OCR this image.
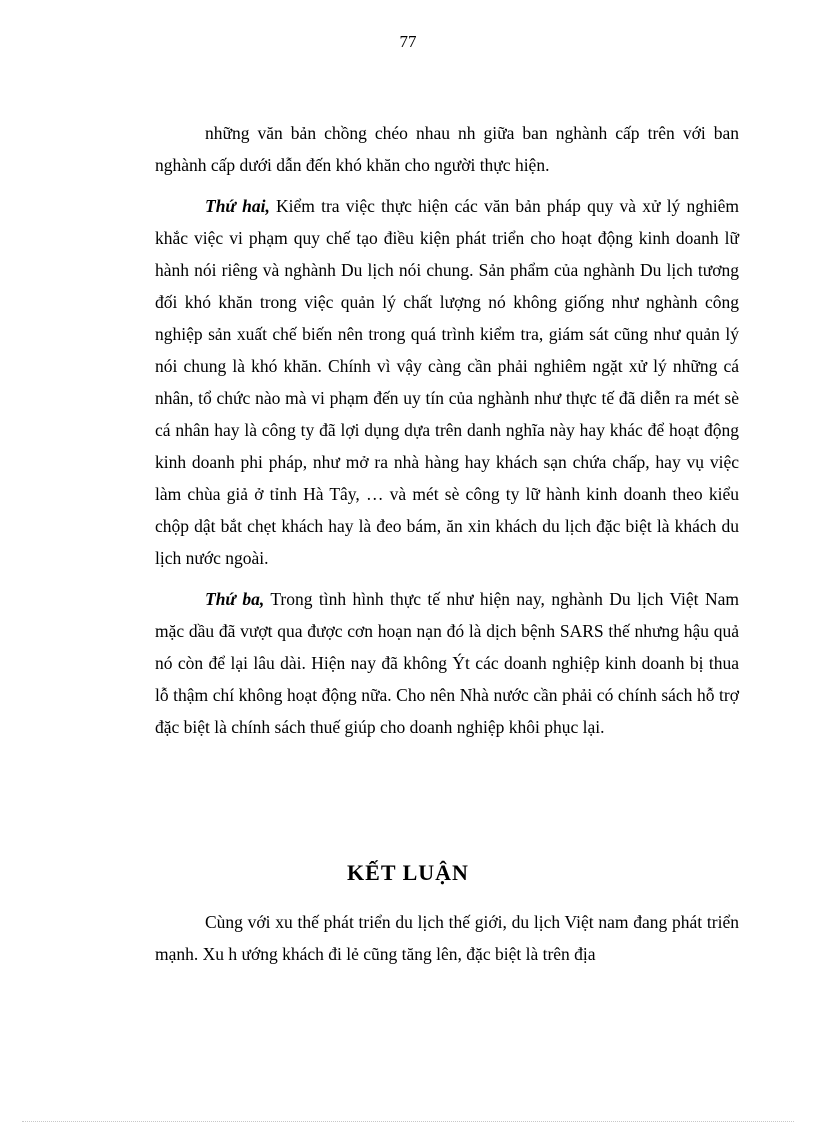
77

những văn bản chồng chéo nhau nh giữa ban nghành cấp trên với ban nghành cấp dưới dẫn đến khó khăn cho người thực hiện.

Thứ hai, Kiểm tra việc thực hiện các văn bản pháp quy và xử lý nghiêm khắc việc vi phạm quy chế tạo điều kiện phát triển cho hoạt động kinh doanh lữ hành nói riêng và nghành Du lịch nói chung. Sản phẩm của nghành Du lịch tương đối khó khăn trong việc quản lý chất lượng nó không giống như nghành công nghiệp sản xuất chế biến nên trong quá trình kiểm tra, giám sát cũng như quản lý nói chung là khó khăn. Chính vì vậy càng cần phải nghiêm ngặt xử lý những cá nhân, tổ chức nào mà vi phạm đến uy tín của nghành như thực tế đã diễn ra mét sè cá nhân hay là công ty đã lợi dụng dựa trên danh nghĩa này hay khác để hoạt động kinh doanh phi pháp, như mở ra nhà hàng hay khách sạn chứa chấp, hay vụ việc làm chùa giả ở tỉnh Hà Tây, … và mét sè công ty lữ hành kinh doanh theo kiểu chộp dật bắt chẹt khách hay là đeo bám, ăn xin khách du lịch đặc biệt là khách du lịch nước ngoài.

Thứ ba, Trong tình hình thực tế như hiện nay, nghành Du lịch Việt Nam mặc dầu đã vượt qua được cơn hoạn nạn đó là dịch bệnh SARS thế nhưng hậu quả nó còn để lại lâu dài. Hiện nay đã không Ýt các doanh nghiệp kinh doanh bị thua lỗ thậm chí không hoạt động nữa. Cho nên Nhà nước cần phải có chính sách hỗ trợ đặc biệt là chính sách thuế giúp cho doanh nghiệp khôi phục lại.

KẾT LUẬN

Cùng với xu thế phát triển du lịch thế giới, du lịch Việt nam đang phát triển mạnh. Xu h ướng khách đi lẻ cũng tăng lên, đặc biệt là trên địa
